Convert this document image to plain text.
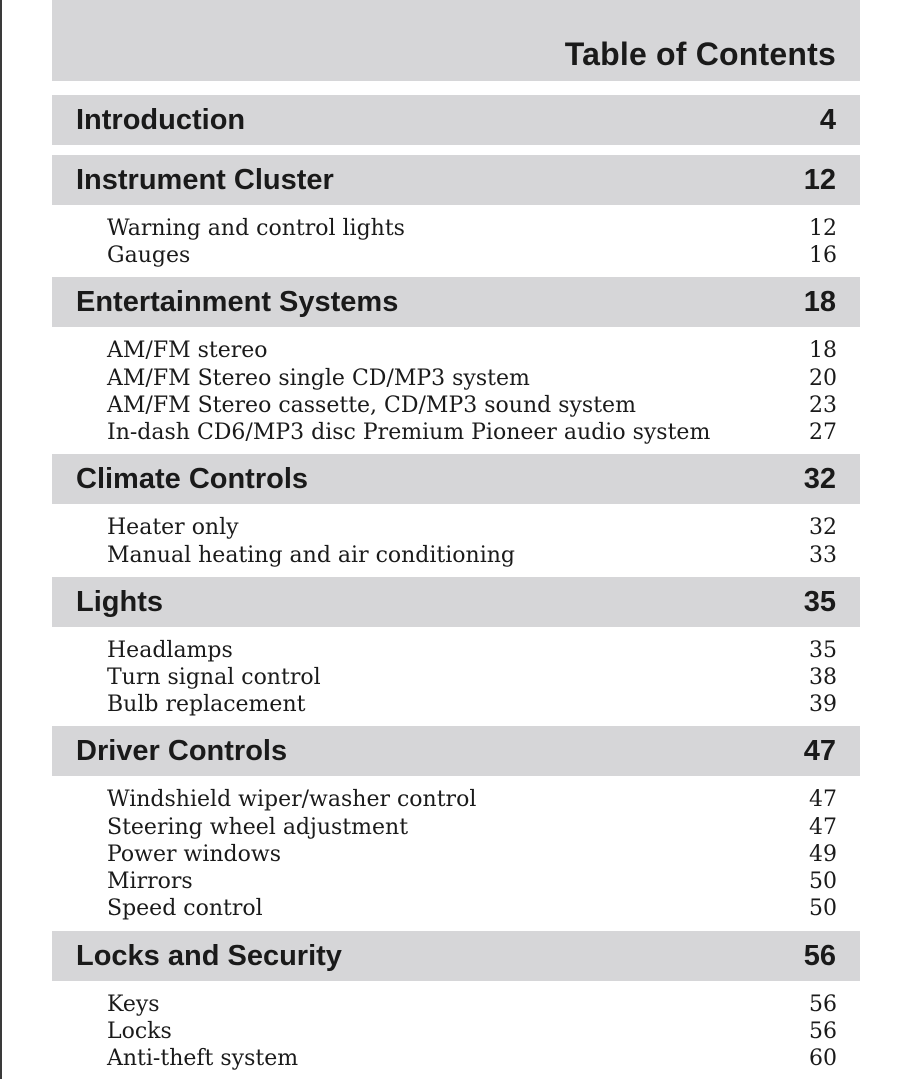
Table of Contents
Introduction	4
Instrument Cluster	12
Warning and control lights	12
Gauges	16
Entertainment Systems	18
AM/FM stereo	18
AM/FM Stereo single CD/MP3 system	20
AM/FM Stereo cassette, CD/MP3 sound system	23
In-dash CD6/MP3 disc Premium Pioneer audio system	27
Climate Controls	32
Heater only	32
Manual heating and air conditioning	33
Lights	35
Headlamps	35
Turn signal control	38
Bulb replacement	39
Driver Controls	47
Windshield wiper/washer control	47
Steering wheel adjustment	47
Power windows	49
Mirrors	50
Speed control	50
Locks and Security	56
Keys	56
Locks	56
Anti-theft system	60
